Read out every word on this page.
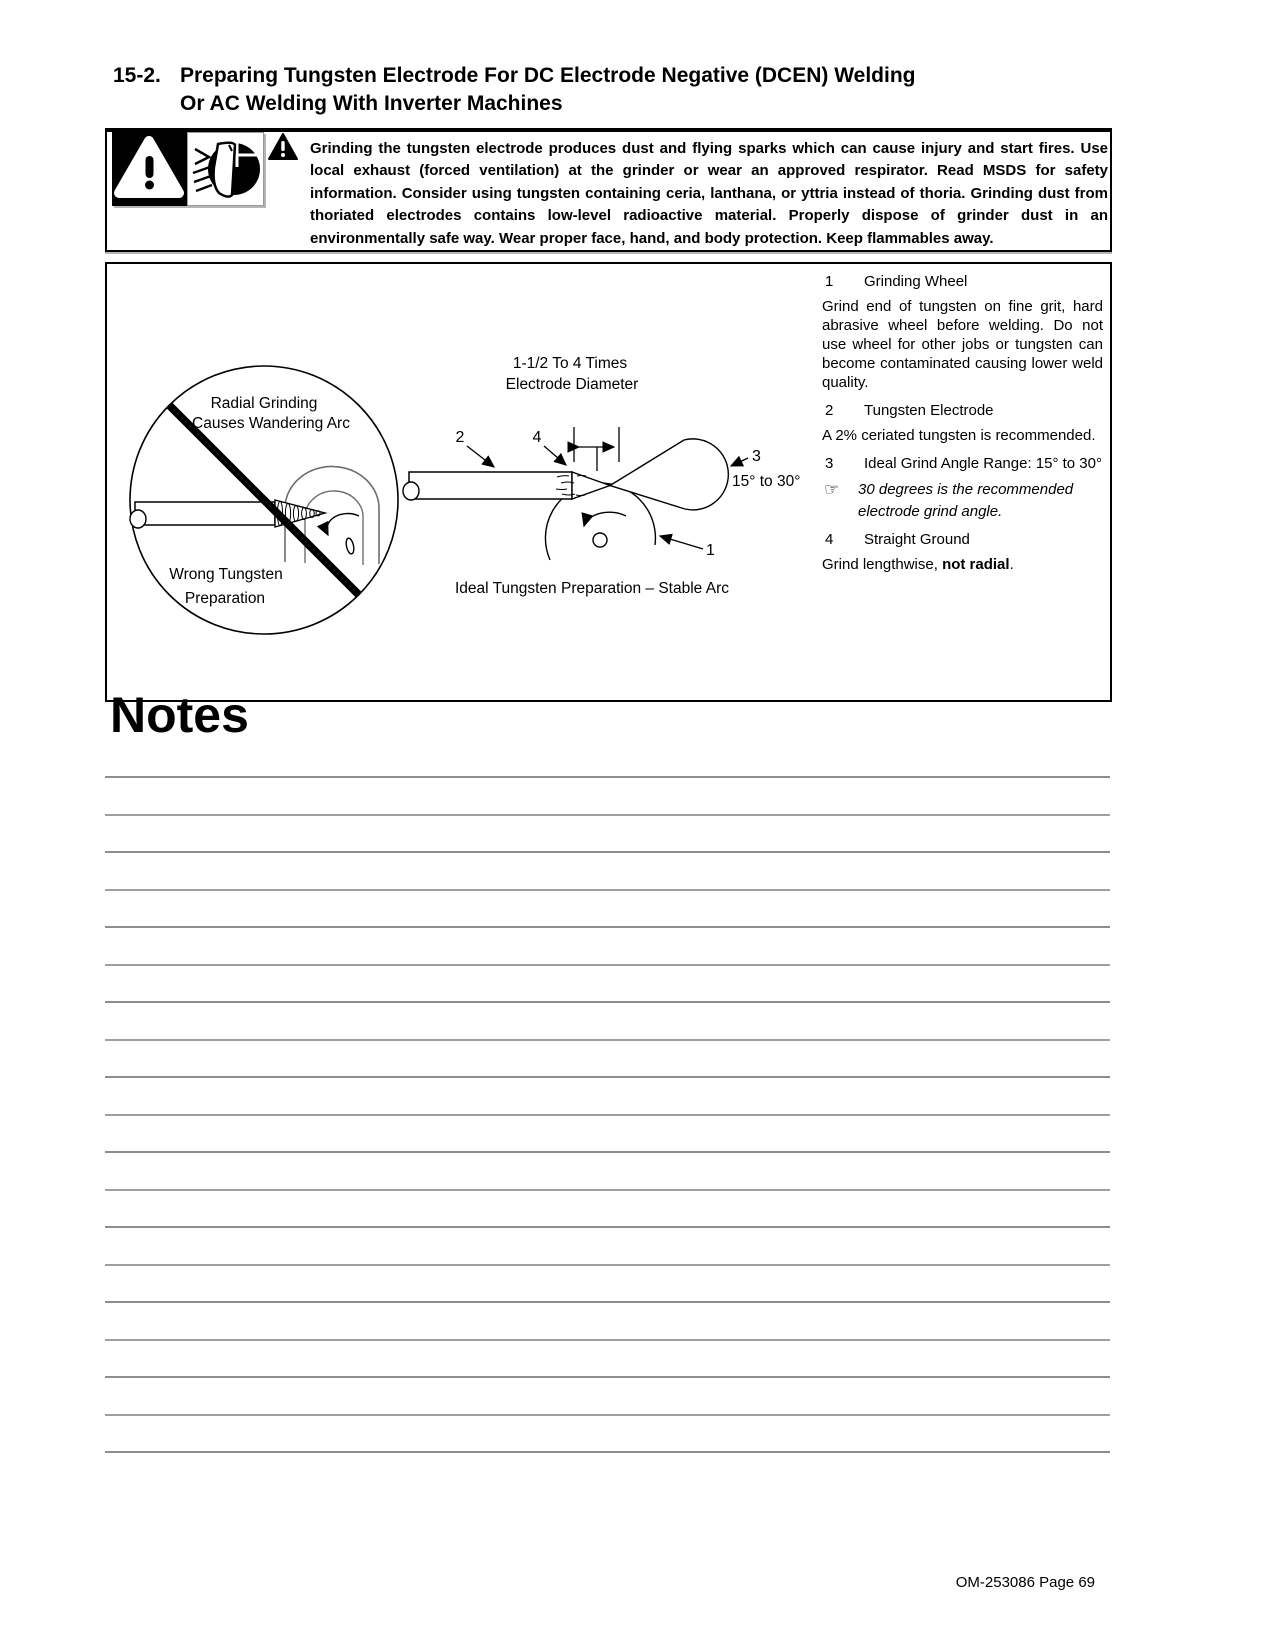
15-2. Preparing Tungsten Electrode For DC Electrode Negative (DCEN) Welding
Or AC Welding With Inverter Machines
Grinding the tungsten electrode produces dust and flying sparks which can cause injury and start fires. Use local exhaust (forced ventilation) at the grinder or wear an approved respirator. Read MSDS for safety information. Consider using tungsten containing ceria, lanthana, or yttria instead of thoria. Grinding dust from thoriated electrodes contains low-level radioactive material. Properly dispose of grinder dust in an environmentally safe way. Wear proper face, hand, and body protection. Keep flammables away.
Radial Grinding
Causes Wandering Arc
Wrong Tungsten
Preparation
1-1/2 To 4 Times
Electrode Diameter
2	4
3
15° to 30°
1
Ideal Tungsten Preparation – Stable Arc
1	Grinding Wheel
Grind end of tungsten on fine grit, hard abrasive wheel before welding. Do not use wheel for other jobs or tungsten can become contaminated causing lower weld quality.
2	Tungsten Electrode
A 2% ceriated tungsten is recommended.
3	Ideal Grind Angle Range: 15° to 30°
☞	30 degrees is the recommended electrode grind angle.
4	Straight Ground
Grind lengthwise, not radial.
Notes
OM-253086 Page 69
